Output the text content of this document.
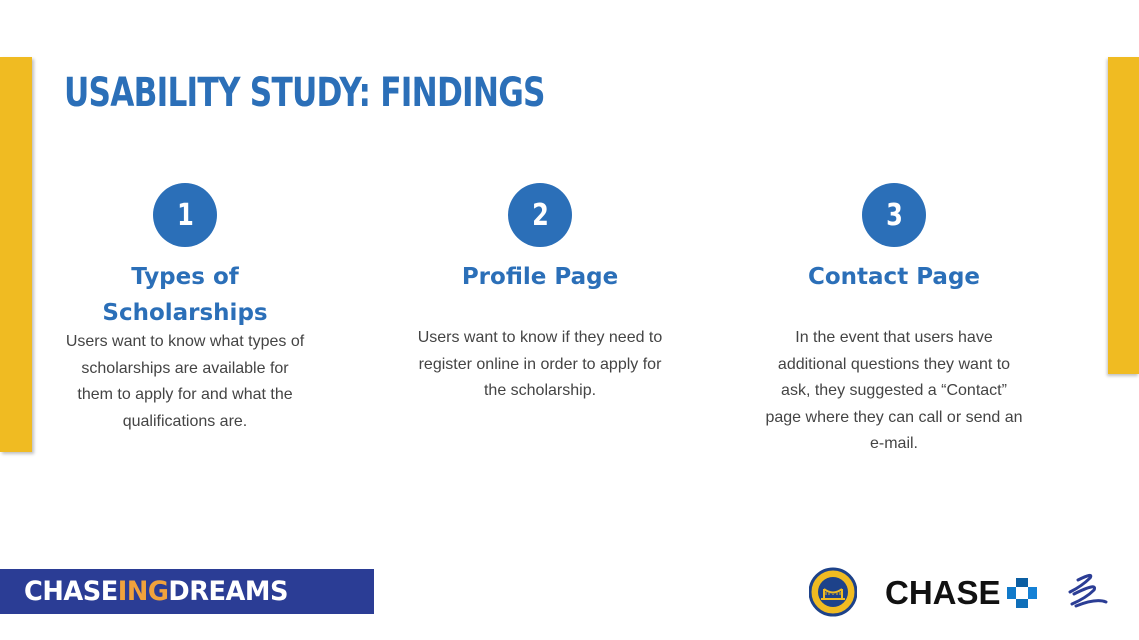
USABILITY STUDY: FINDINGS
1
Types of Scholarships
Users want to know what types of scholarships are available for them to apply for and what the qualifications are.
2
Profile Page
Users want to know if they need to register online in order to apply for the scholarship.
3
Contact Page
In the event that users have additional questions they want to ask, they suggested a “Contact” page where they can call or send an e-mail.
CHASEINGDREAMS	CHASE
